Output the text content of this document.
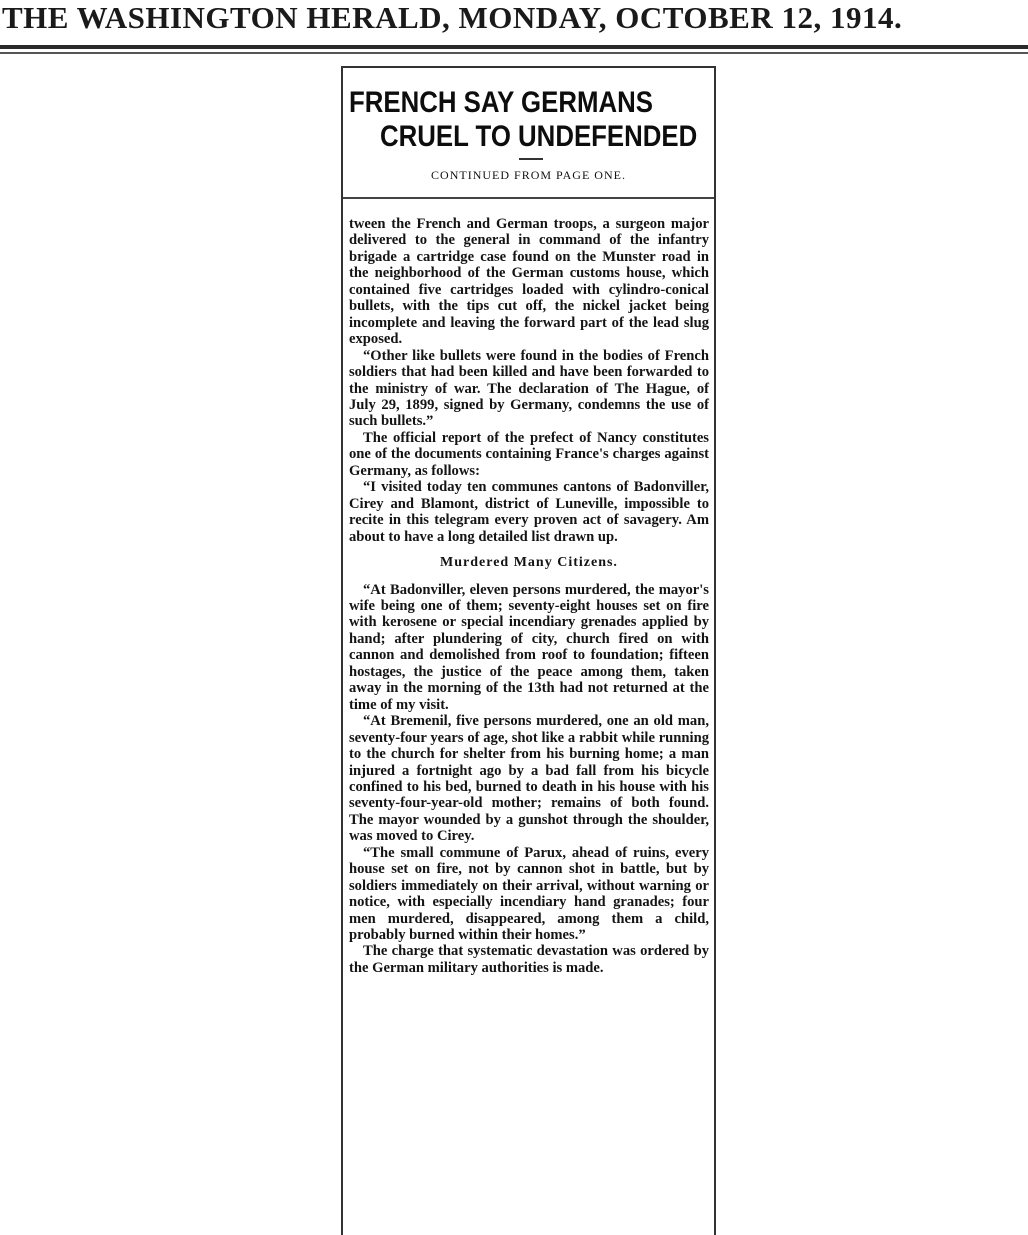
THE WASHINGTON HERALD, MONDAY, OCTOBER 12, 1914.
FRENCH SAY GERMANS
CRUEL TO UNDEFENDED
CONTINUED FROM PAGE ONE.

tween the French and German troops, a surgeon major delivered to the general in command of the infantry brigade a cartridge case found on the Munster road in the neighborhood of the German customs house, which contained five cartridges loaded with cylindro-conical bullets, with the tips cut off, the nickel jacket being incomplete and leaving the forward part of the lead slug exposed.

“Other like bullets were found in the bodies of French soldiers that had been killed and have been forwarded to the ministry of war. The declaration of The Hague, of July 29, 1899, signed by Germany, condemns the use of such bullets.”

The official report of the prefect of Nancy constitutes one of the documents containing France's charges against Germany, as follows:

“I visited today ten communes cantons of Badonviller, Cirey and Blamont, district of Luneville, impossible to recite in this telegram every proven act of savagery. Am about to have a long detailed list drawn up.

Murdered Many Citizens.

“At Badonviller, eleven persons murdered, the mayor's wife being one of them; seventy-eight houses set on fire with kerosene or special incendiary grenades applied by hand; after plundering of city, church fired on with cannon and demolished from roof to foundation; fifteen hostages, the justice of the peace among them, taken away in the morning of the 13th had not returned at the time of my visit.

“At Bremenil, five persons murdered, one an old man, seventy-four years of age, shot like a rabbit while running to the church for shelter from his burning home; a man injured a fortnight ago by a bad fall from his bicycle confined to his bed, burned to death in his house with his seventy-four-year-old mother; remains of both found. The mayor wounded by a gunshot through the shoulder, was moved to Cirey.

“The small commune of Parux, ahead of ruins, every house set on fire, not by cannon shot in battle, but by soldiers immediately on their arrival, without warning or notice, with especially incendiary hand granades; four men murdered, disappeared, among them a child, probably burned within their homes.”

The charge that systematic devastation was ordered by the German military authorities is made.
